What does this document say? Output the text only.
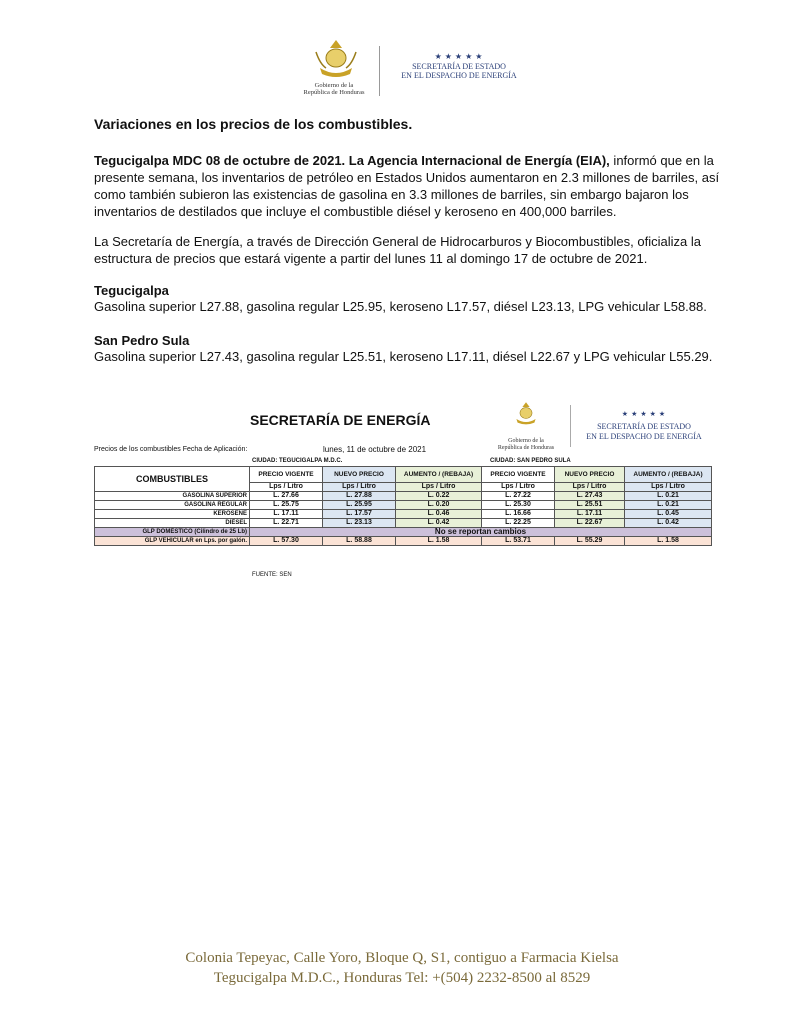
Gobierno de la
República de Honduras
★★★★★
SECRETARÍA DE ESTADO
EN EL DESPACHO DE ENERGÍA
Variaciones en los precios de los combustibles.
Tegucigalpa MDC 08 de octubre de 2021. La Agencia Internacional de Energía (EIA), informó que en la presente semana, los inventarios de petróleo en Estados Unidos aumentaron en 2.3 millones de barriles, así como también subieron las existencias de gasolina en 3.3 millones de barriles, sin embargo bajaron los inventarios de destilados que incluye el combustible diésel y keroseno en 400,000 barriles.
La Secretaría de Energía, a través de Dirección General de Hidrocarburos y Biocombustibles, oficializa la estructura de precios que estará vigente a partir del lunes 11 al domingo 17 de octubre de 2021.
Tegucigalpa
Gasolina superior L27.88, gasolina regular L25.95, keroseno L17.57, diésel L23.13, LPG vehicular L58.88.
San Pedro Sula
Gasolina superior L27.43, gasolina regular L25.51, keroseno L17.11, diésel L22.67 y LPG vehicular L55.29.
SECRETARÍA DE ENERGÍA
Gobierno de la
República de Honduras
★★★★★
SECRETARÍA DE ESTADO
EN EL DESPACHO DE ENERGÍA
Precios de los combustibles Fecha de Aplicación:	lunes, 11 de octubre de 2021
CIUDAD: TEGUCIGALPA M.D.C.	CIUDAD: SAN PEDRO SULA
COMBUSTIBLES	PRECIO VIGENTE	NUEVO PRECIO	AUMENTO / (REBAJA)	PRECIO VIGENTE	NUEVO PRECIO	AUMENTO / (REBAJA)
	Lps / Litro	Lps / Litro	Lps / Litro	Lps / Litro	Lps / Litro	Lps / Litro
GASOLINA SUPERIOR	L. 27.66	L. 27.88	L. 0.22	L. 27.22	L. 27.43	L. 0.21
GASOLINA REGULAR	L. 25.75	L. 25.95	L. 0.20	L. 25.30	L. 25.51	L. 0.21
KEROSENE	L. 17.11	L. 17.57	L. 0.46	L. 16.66	L. 17.11	L. 0.45
DIÉSEL	L. 22.71	L. 23.13	L. 0.42	L. 22.25	L. 22.67	L. 0.42
GLP DOMÉSTICO (Cilindro de 25 Lb)	No se reportan cambios					
GLP VEHICULAR en Lps. por galón.	L. 57.30	L. 58.88	L. 1.58	L. 53.71	L. 55.29	L. 1.58
FUENTE: SEN
Colonia Tepeyac, Calle Yoro, Bloque Q, S1, contiguo a Farmacia Kielsa
Tegucigalpa M.D.C., Honduras Tel: +(504) 2232-8500 al 8529
